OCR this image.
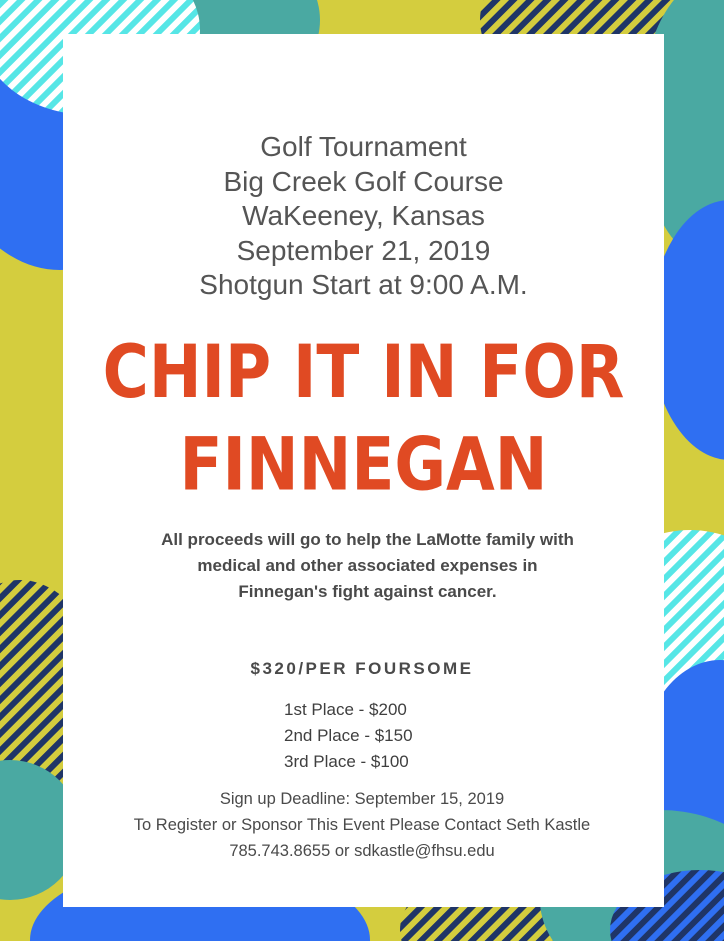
Golf Tournament
Big Creek Golf Course
WaKeeney, Kansas
September 21, 2019
Shotgun Start at 9:00 A.M.
CHIP IT IN FOR
FINNEGAN
All proceeds will go to help the LaMotte family with medical and other associated expenses in Finnegan's fight against cancer.
$320/PER FOURSOME
1st Place - $200
2nd Place - $150
3rd Place - $100
Sign up Deadline: September 15, 2019
To Register or Sponsor This Event Please Contact Seth Kastle
785.743.8655 or sdkastle@fhsu.edu
